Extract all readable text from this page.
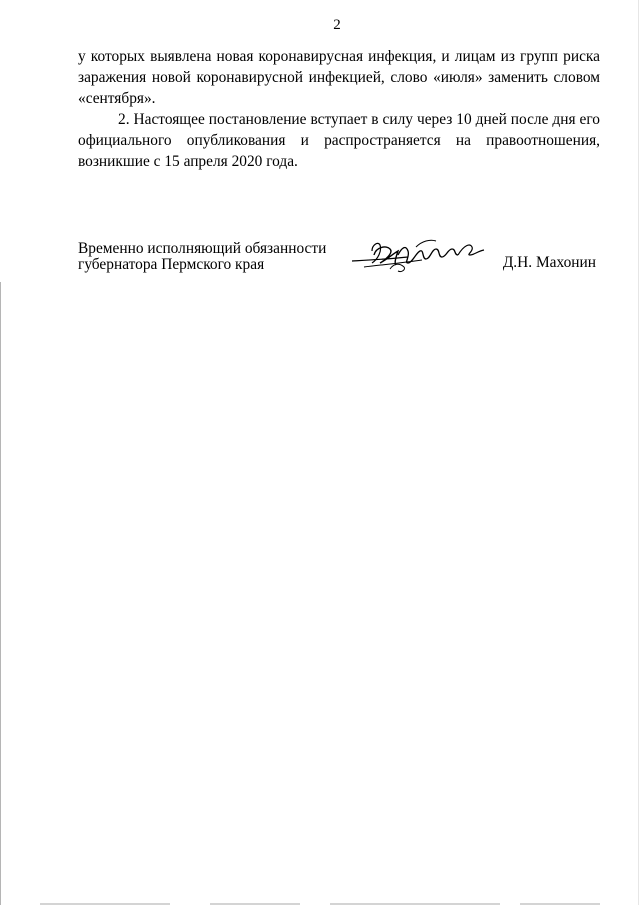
2

у которых выявлена новая коронавирусная инфекция, и лицам из групп риска заражения новой коронавирусной инфекцией, слово «июля» заменить словом «сентября».

2. Настоящее постановление вступает в силу через 10 дней после дня его официального опубликования и распространяется на правоотношения, возникшие с 15 апреля 2020 года.

Временно исполняющий обязанности
губернатора Пермского края	Д.Н. Махонин
